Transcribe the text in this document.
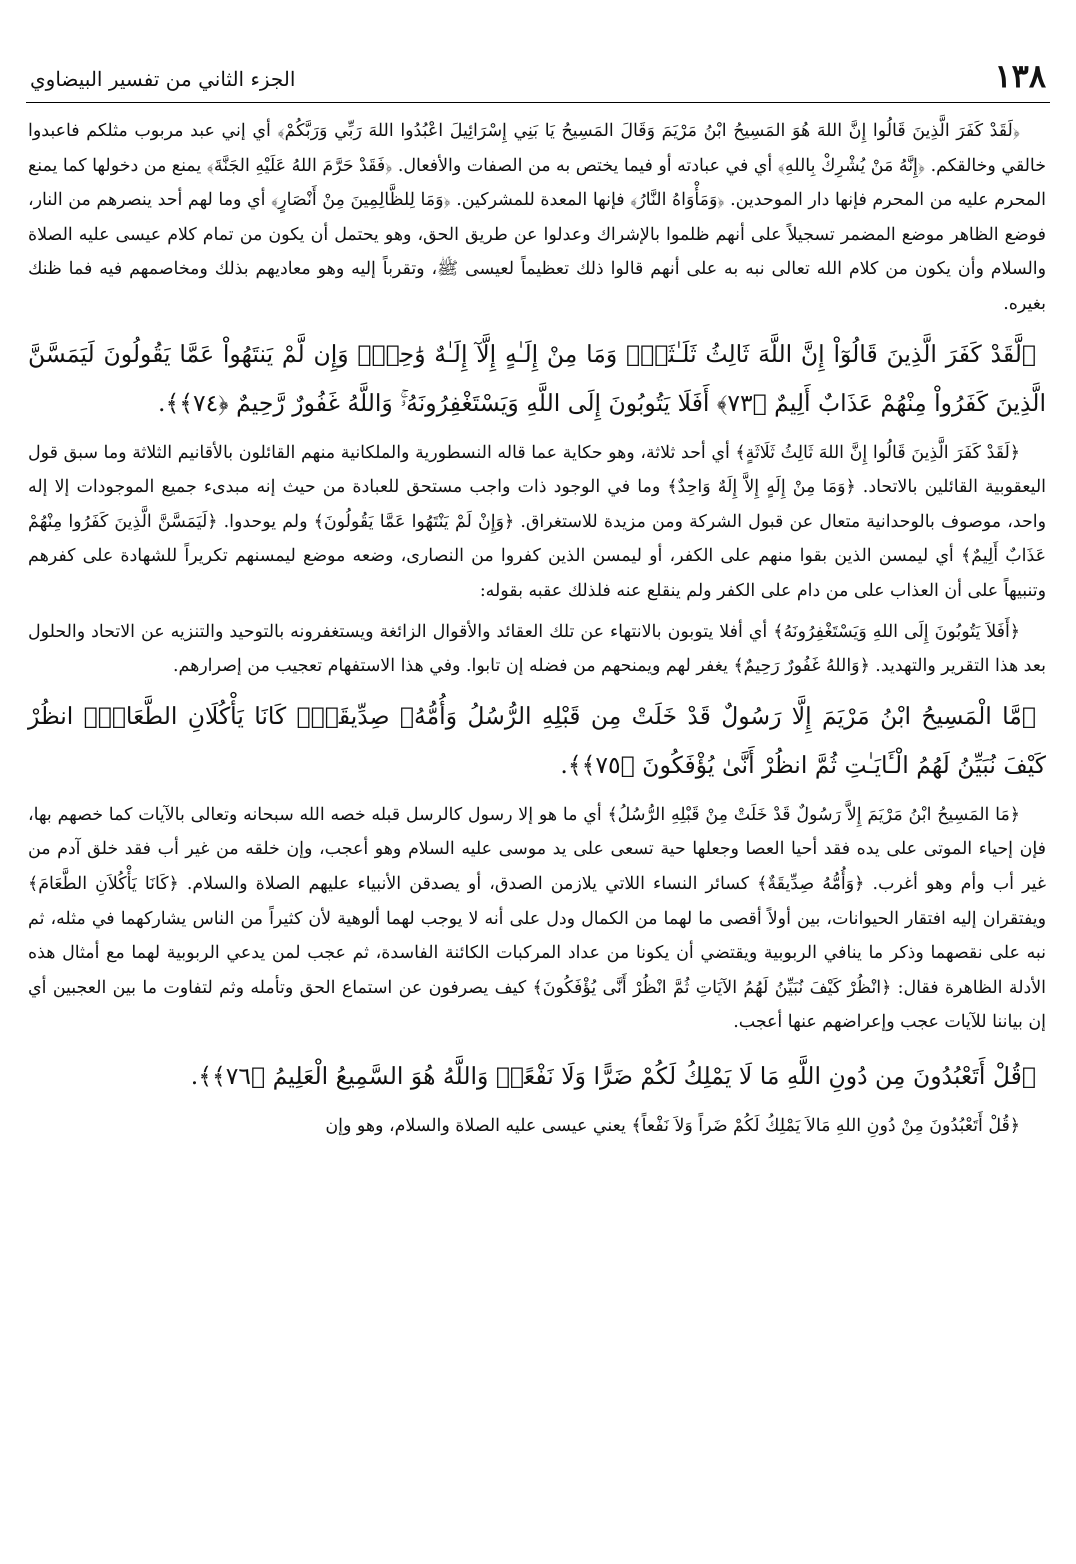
١٣٨
الجزء الثاني من تفسير البيضاوي

﴿لَقَدْ كَفَرَ الَّذِينَ قَالُوا إِنَّ اللهَ هُوَ المَسِيحُ ابْنُ مَرْيَمَ وَقَالَ المَسِيحُ يَا بَنِي إِسْرَائِيلَ اعْبُدُوا اللهَ رَبِّي وَرَبَّكُمْ﴾ أي إني عبد مربوب مثلكم فاعبدوا خالقي وخالقكم. ﴿إِنَّهُ مَنْ يُشْرِكْ بِاللهِ﴾ أي في عبادته أو فيما يختص به من الصفات والأفعال. ﴿فَقَدْ حَرَّمَ اللهُ عَلَيْهِ الجَنَّةَ﴾ يمنع من دخولها كما يمنع المحرم عليه من المحرم فإنها دار الموحدين. ﴿وَمَأْوَاهُ النَّارُ﴾ فإنها المعدة للمشركين. ﴿وَمَا لِلظَّالِمِينَ مِنْ أَنْصَارٍ﴾ أي وما لهم أحد ينصرهم من النار، فوضع الظاهر موضع المضمر تسجيلاً على أنهم ظلموا بالإشراك وعدلوا عن طريق الحق، وهو يحتمل أن يكون من تمام كلام عيسى عليه الصلاة والسلام وأن يكون من كلام الله تعالى نبه به على أنهم قالوا ذلك تعظيماً لعيسى ﷺ، وتقرباً إليه وهو معاديهم بذلك ومخاصمهم فيه فما ظنك بغيره.

﴿لَّقَدْ كَفَرَ الَّذِينَ قَالُوٓاْ إِنَّ اللَّهَ ثَالِثُ ثَلَـٰثَةٍۘ وَمَا مِنْ إِلَـٰهٍ إِلَّآ إِلَـٰهٌ وَٰحِدٌۚ وَإِن لَّمْ يَنتَهُواْ عَمَّا يَقُولُونَ لَيَمَسَّنَّ الَّذِينَ كَفَرُواْ مِنْهُمْ عَذَابٌ أَلِيمٌ ﴿٧٣﴾ أَفَلَا يَتُوبُونَ إِلَى اللَّهِ وَيَسْتَغْفِرُونَهُۥۚ وَاللَّهُ غَفُورٌ رَّحِيمٌ ﴿٧٤﴾﴾.

﴿لَقَدْ كَفَرَ الَّذِينَ قَالُوا إِنَّ اللهَ ثَالِثُ ثَلَاثَةٍ﴾ أي أحد ثلاثة، وهو حكاية عما قاله النسطورية والملكانية منهم القائلون بالأقانيم الثلاثة وما سبق قول اليعقوبية القائلين بالاتحاد. ﴿وَمَا مِنْ إِلَهٍ إِلاَّ إِلَهٌ وَاحِدٌ﴾ وما في الوجود ذات واجب مستحق للعبادة من حيث إنه مبدىء جميع الموجودات إلا إله واحد، موصوف بالوحدانية متعال عن قبول الشركة ومن مزيدة للاستغراق. ﴿وَإِنْ لَمْ يَنْتَهُوا عَمَّا يَقُولُونَ﴾ ولم يوحدوا. ﴿لَيَمَسَّنَّ الَّذِينَ كَفَرُوا مِنْهُمْ عَذَابٌ أَلِيمٌ﴾ أي ليمسن الذين بقوا منهم على الكفر، أو ليمسن الذين كفروا من النصارى، وضعه موضع ليمسنهم تكريراً للشهادة على كفرهم وتنبيهاً على أن العذاب على من دام على الكفر ولم ينقلع عنه فلذلك عقبه بقوله:

﴿أَفَلاَ يَتُوبُونَ إِلَى اللهِ وَيَسْتَغْفِرُونَهُ﴾ أي أفلا يتوبون بالانتهاء عن تلك العقائد والأقوال الزائغة ويستغفرونه بالتوحيد والتنزيه عن الاتحاد والحلول بعد هذا التقرير والتهديد. ﴿وَاللهُ غَفُورٌ رَحِيمٌ﴾ يغفر لهم ويمنحهم من فضله إن تابوا. وفي هذا الاستفهام تعجيب من إصرارهم.

﴿مَّا الْمَسِيحُ ابْنُ مَرْيَمَ إِلَّا رَسُولٌ قَدْ خَلَتْ مِن قَبْلِهِ الرُّسُلُ وَأُمُّهُۥ صِدِّيقَةٌۖ كَانَا يَأْكُلَانِ الطَّعَامَۗ انظُرْ كَيْفَ نُبَيِّنُ لَهُمُ الْـَٔايَـٰتِ ثُمَّ انظُرْ أَنَّىٰ يُؤْفَكُونَ ﴿٧٥﴾﴾.

﴿مَا المَسِيحُ ابْنُ مَرْيَمَ إِلاَّ رَسُولٌ قَدْ خَلَتْ مِنْ قَبْلِهِ الرُّسُلُ﴾ أي ما هو إلا رسول كالرسل قبله خصه الله سبحانه وتعالى بالآيات كما خصهم بها، فإن إحياء الموتى على يده فقد أحيا العصا وجعلها حية تسعى على يد موسى عليه السلام وهو أعجب، وإن خلقه من غير أب فقد خلق آدم من غير أب وأم وهو أغرب. ﴿وَأُمُّهُ صِدِّيقَةٌ﴾ كسائر النساء اللاتي يلازمن الصدق، أو يصدقن الأنبياء عليهم الصلاة والسلام. ﴿كَانَا يَأْكُلاَنِ الطَّعَامَ﴾ ويفتقران إليه افتقار الحيوانات، بين أولاً أقصى ما لهما من الكمال ودل على أنه لا يوجب لهما ألوهية لأن كثيراً من الناس يشاركهما في مثله، ثم نبه على نقصهما وذكر ما ينافي الربوبية ويقتضي أن يكونا من عداد المركبات الكائنة الفاسدة، ثم عجب لمن يدعي الربوبية لهما مع أمثال هذه الأدلة الظاهرة فقال: ﴿انْظُرْ كَيْفَ نُبَيِّنُ لَهُمُ الآيَاتِ ثُمَّ انْظُرْ أَنَّى يُؤْفَكُونَ﴾ كيف يصرفون عن استماع الحق وتأمله وثم لتفاوت ما بين العجبين أي إن بياننا للآيات عجب وإعراضهم عنها أعجب.

﴿قُلْ أَتَعْبُدُونَ مِن دُونِ اللَّهِ مَا لَا يَمْلِكُ لَكُمْ ضَرًّا وَلَا نَفْعًاۚ وَاللَّهُ هُوَ السَّمِيعُ الْعَلِيمُ ﴿٧٦﴾﴾.

﴿قُلْ أَتَعْبُدُونَ مِنْ دُونِ اللهِ مَالاَ يَمْلِكُ لَكُمْ ضَراً وَلاَ نَفْعاً﴾ يعني عيسى عليه الصلاة والسلام، وهو وإن
